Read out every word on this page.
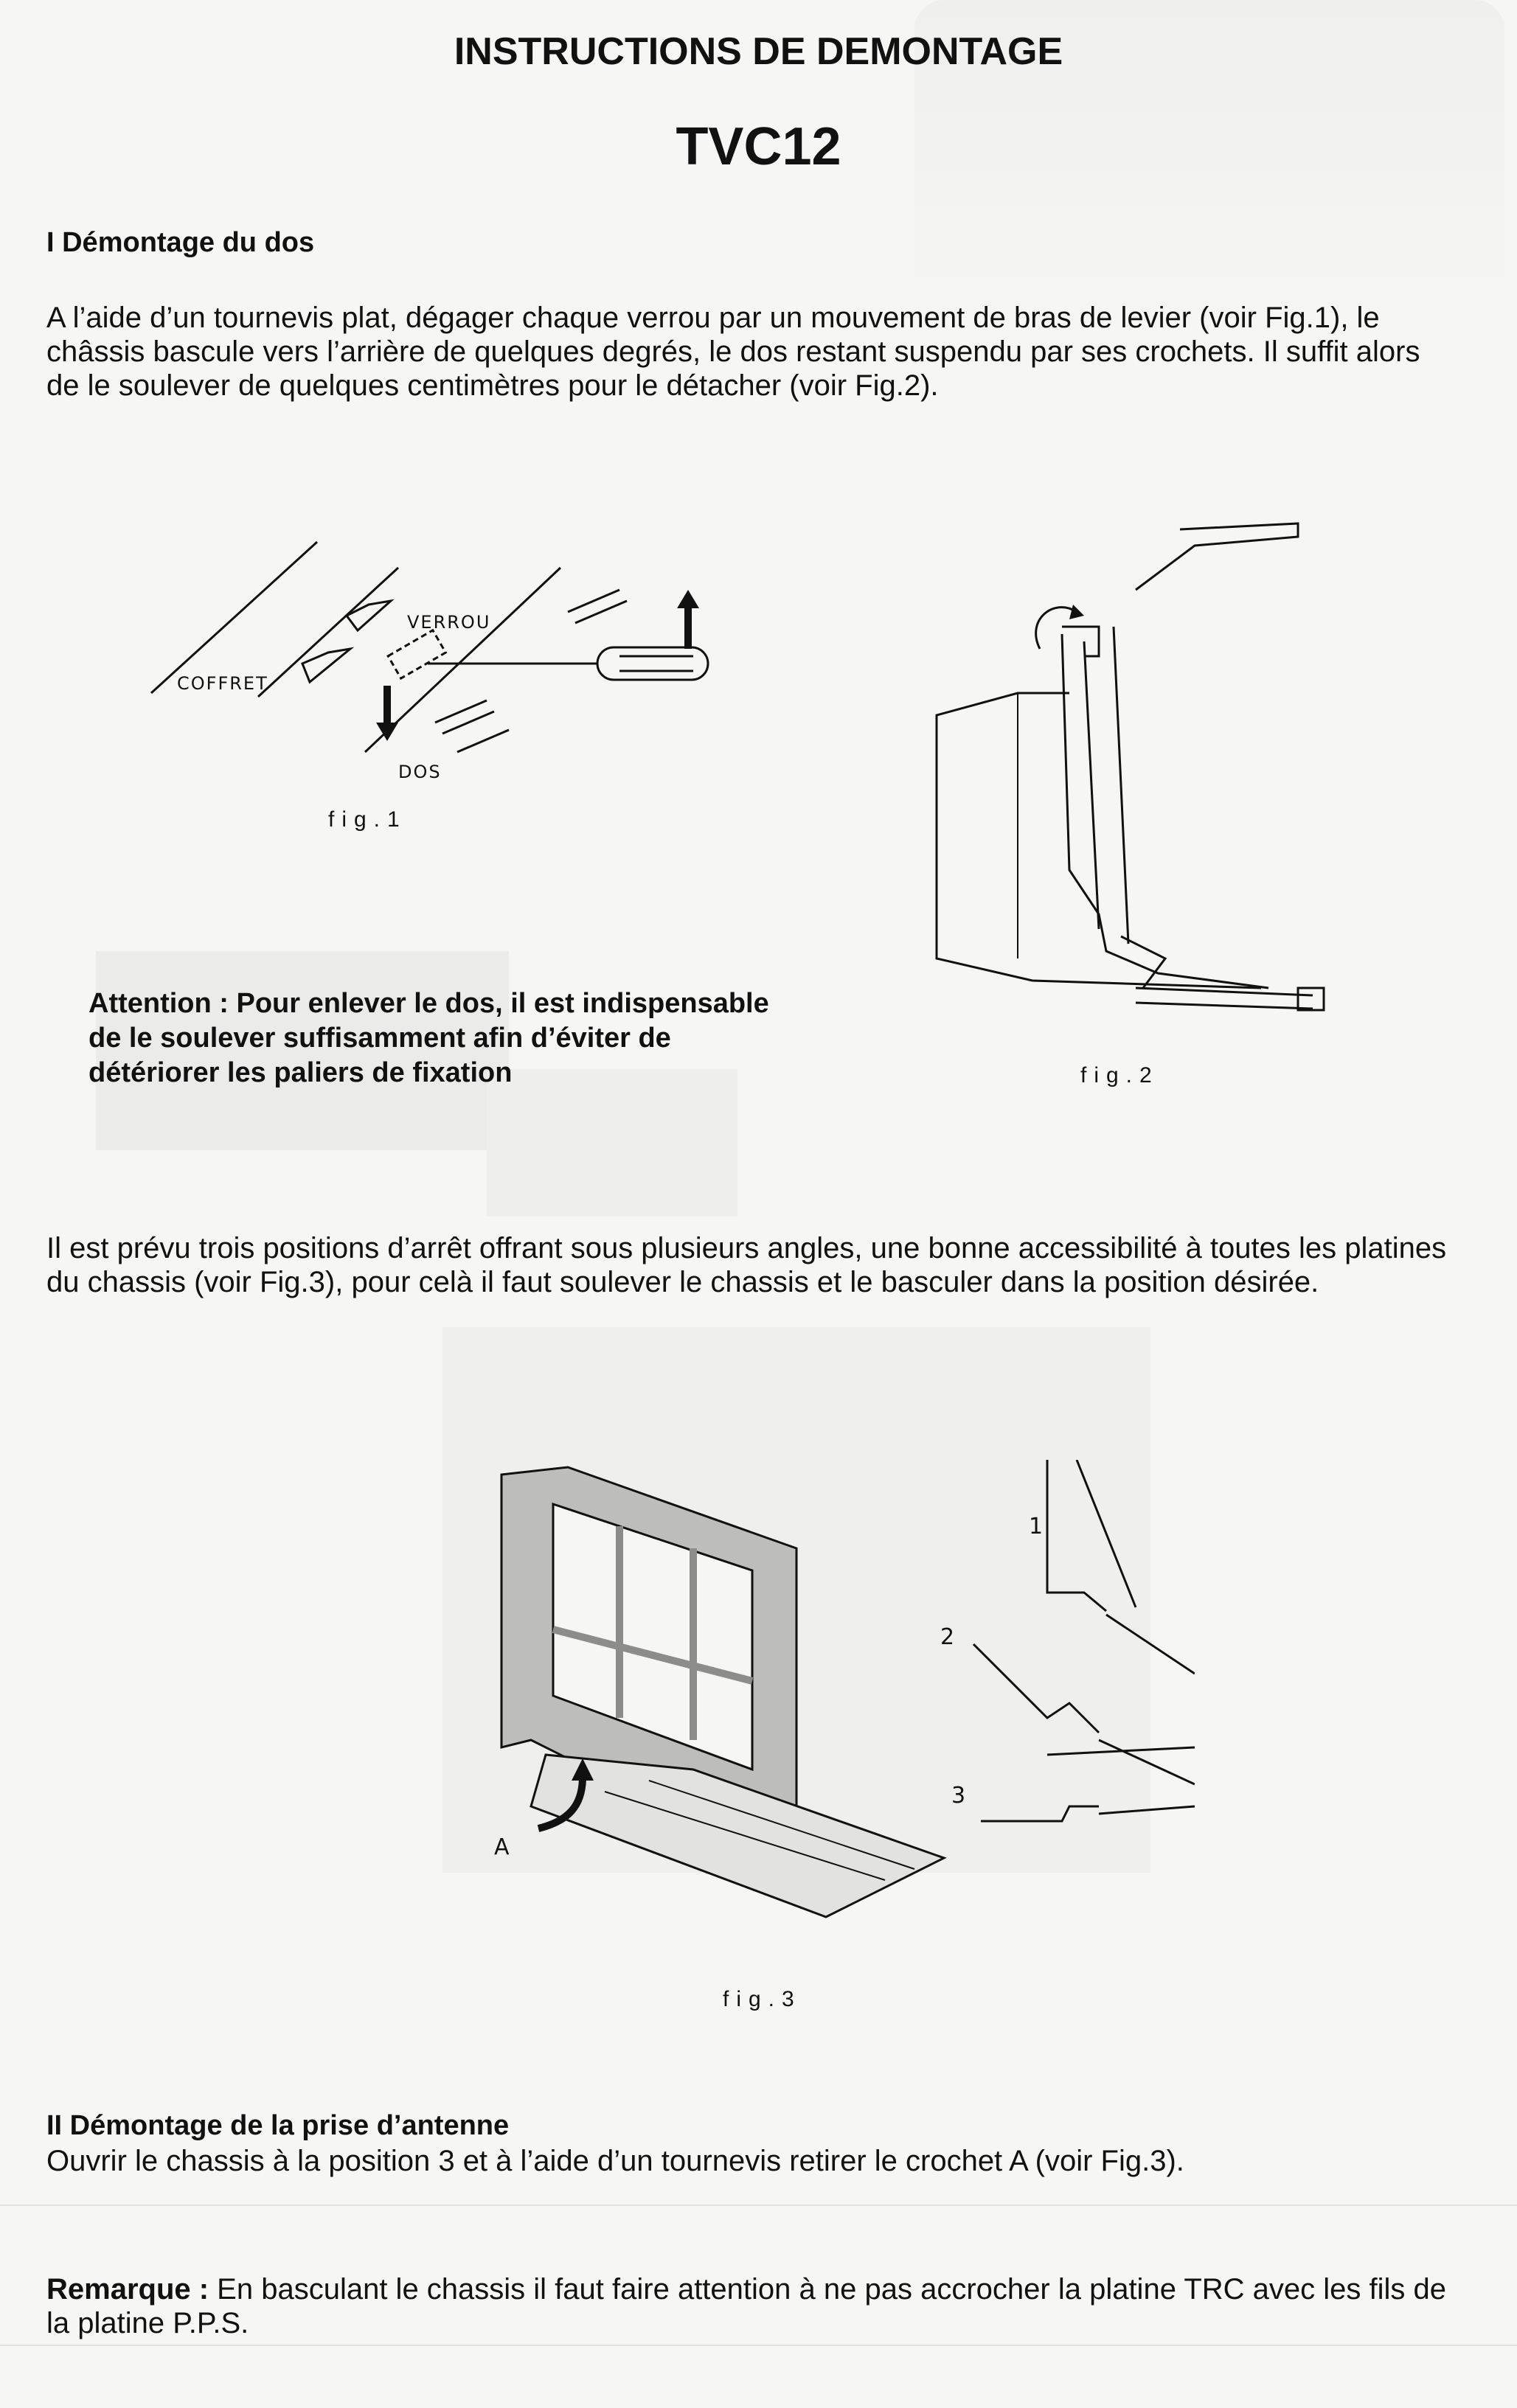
INSTRUCTIONS DE DEMONTAGE
TVC12
I Démontage du dos
A l’aide d’un tournevis plat, dégager chaque verrou par un mouvement de bras de levier (voir Fig.1), le châssis bascule vers l’arrière de quelques degrés, le dos restant suspendu par ses crochets. Il suffit alors de le soulever de quelques centimètres pour le détacher (voir Fig.2).
VERROU
COFFRET
DOS
fig.1
fig.2
Attention : Pour enlever le dos, il est indispensable de le soulever suffisamment afin d’éviter de détériorer les paliers de fixation
Il est prévu trois positions d’arrêt offrant sous plusieurs angles, une bonne accessibilité à toutes les platines du chassis (voir Fig.3), pour celà il faut soulever le chassis et le basculer dans la position désirée.
1
2
3
A
fig.3
II Démontage de la prise d’antenne
Ouvrir le chassis à la position 3 et à l’aide d’un tournevis retirer le crochet A (voir Fig.3).
Remarque : En basculant le chassis il faut faire attention à ne pas accrocher la platine TRC avec les fils de la platine P.P.S.
